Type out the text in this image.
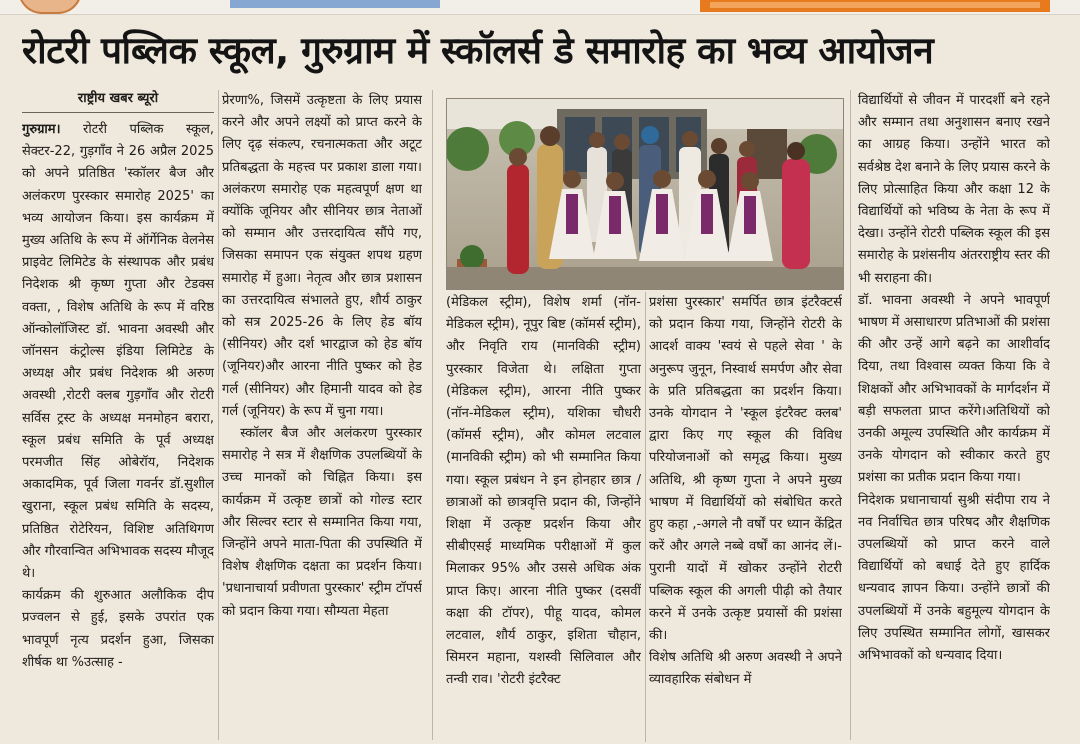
रोटरी पब्लिक स्कूल, गुरुग्राम में स्कॉलर्स डे समारोह का भव्य आयोजन
राष्ट्रीय खबर ब्यूरो

गुरुग्राम। रोटरी पब्लिक स्कूल, सेक्टर-22, गुड़गाँव ने 26 अप्रैल 2025 को अपने प्रतिष्ठित 'स्कॉलर बैज और अलंकरण पुरस्कार समारोह 2025' का भव्य आयोजन किया। इस कार्यक्रम में मुख्य अतिथि के रूप में ऑर्गेनिक वेलनेस प्राइवेट लिमिटेड के संस्थापक और प्रबंध निदेशक श्री कृष्ण गुप्ता और टेडक्स वक्ता, , विशेष अतिथि के रूप में वरिष्ठ ऑन्कोलॉजिस्ट डॉ. भावना अवस्थी और जॉनसन कंट्रोल्स इंडिया लिमिटेड के अध्यक्ष और प्रबंध निदेशक श्री अरुण अवस्थी ,रोटरी क्लब गुड़गाँव और रोटरी सर्विस ट्रस्ट के अध्यक्ष मनमोहन बरारा, स्कूल प्रबंध समिति के पूर्व अध्यक्ष परमजीत सिंह ओबेरॉय, निदेशक अकादमिक, पूर्व जिला गवर्नर डॉ.सुशील खुराना, स्कूल प्रबंध समिति के सदस्य, प्रतिष्ठित रोटेरियन, विशिष्ट अतिथिगण और गौरवान्वित अभिभावक सदस्य मौजूद थे।

कार्यक्रम की शुरुआत अलौकिक दीप प्रज्वलन से हुई, इसके उपरांत एक भावपूर्ण नृत्य प्रदर्शन हुआ, जिसका शीर्षक था %उत्साह -

प्रेरणा%, जिसमें उत्कृष्टता के लिए प्रयास करने और अपने लक्ष्यों को प्राप्त करने के लिए दृढ़ संकल्प, रचनात्मकता और अटूट प्रतिबद्धता के महत्त्व पर प्रकाश डाला गया। अलंकरण समारोह एक महत्वपूर्ण क्षण था क्योंकि जूनियर और सीनियर छात्र नेताओं को सम्मान और उत्तरदायित्व सौंपे गए, जिसका समापन एक संयुक्त शपथ ग्रहण समारोह में हुआ। नेतृत्व और छात्र प्रशासन का उत्तरदायित्व संभालते हुए, शौर्य ठाकुर को सत्र 2025-26 के लिए हेड बॉय (सीनियर) और दर्श भारद्वाज को हेड बॉय (जूनियर)और आरना नीति पुष्कर को हेड गर्ल (सीनियर) और हिमानी यादव को हेड गर्ल (जूनियर) के रूप में चुना गया।

स्कॉलर बैज और अलंकरण पुरस्कार समारोह ने सत्र में शैक्षणिक उपलब्धियों के उच्च मानकों को चिह्नित किया। इस कार्यक्रम में उत्कृष्ट छात्रों को गोल्ड स्टार और सिल्वर स्टार से सम्मानित किया गया, जिन्होंने अपने माता-पिता की उपस्थिति में विशेष शैक्षणिक दक्षता का प्रदर्शन किया। 'प्रधानाचार्या प्रवीणता पुरस्कार' स्ट्रीम टॉपर्स को प्रदान किया गया। सौम्यता मेहता

(मेडिकल स्ट्रीम), विशेष शर्मा (नॉन-मेडिकल स्ट्रीम), नूपुर बिष्ट (कॉमर्स स्ट्रीम), और निवृति राय (मानविकी स्ट्रीम) पुरस्कार विजेता थे। लक्षिता गुप्ता (मेडिकल स्ट्रीम), आरना नीति पुष्कर (नॉन-मेडिकल स्ट्रीम), यशिका चौधरी (कॉमर्स स्ट्रीम), और कोमल लटवाल (मानविकी स्ट्रीम) को भी सम्मानित किया गया। स्कूल प्रबंधन ने इन होनहार छात्र /छात्राओं को छात्रवृत्ति प्रदान की, जिन्होंने शिक्षा में उत्कृष्ट प्रदर्शन किया और सीबीएसई माध्यमिक परीक्षाओं में कुल मिलाकर 95% और उससे अधिक अंक प्राप्त किए। आरना नीति पुष्कर (दसवीं कक्षा की टॉपर), पीहू यादव, कोमल लटवाल, शौर्य ठाकुर, इशिता चौहान, सिमरन महाना, यशस्वी सिलिवाल और तन्वी राव। 'रोटरी इंटरैक्ट

प्रशंसा पुरस्कार' समर्पित छात्र इंटरैक्टर्स को प्रदान किया गया, जिन्होंने रोटरी के आदर्श वाक्य 'स्वयं से पहले सेवा ' के अनुरूप जुनून, निस्वार्थ समर्पण और सेवा के प्रति प्रतिबद्धता का प्रदर्शन किया। उनके योगदान ने 'स्कूल इंटरैक्ट क्लब' द्वारा किए गए स्कूल की विविध परियोजनाओं को समृद्ध किया। मुख्य अतिथि, श्री कृष्ण गुप्ता ने अपने मुख्य भाषण में विद्यार्थियों को संबोधित करते हुए कहा ,-अगले नौ वर्षों पर ध्यान केंद्रित करें और अगले नब्बे वर्षों का आनंद लें।- पुरानी यादों में खोकर उन्होंने रोटरी पब्लिक स्कूल की अगली पीढ़ी को तैयार करने में उनके उत्कृष्ट प्रयासों की प्रशंसा की।

विशेष अतिथि श्री अरुण अवस्थी ने अपने व्यावहारिक संबोधन में

विद्यार्थियों से जीवन में पारदर्शी बने रहने और सम्मान तथा अनुशासन बनाए रखने का आग्रह किया। उन्होंने भारत को सर्वश्रेष्ठ देश बनाने के लिए प्रयास करने के लिए प्रोत्साहित किया और कक्षा 12 के विद्यार्थियों को भविष्य के नेता के रूप में देखा। उन्होंने रोटरी पब्लिक स्कूल की इस समारोह के प्रशंसनीय अंतरराष्ट्रीय स्तर की भी सराहना की।

डॉ. भावना अवस्थी ने अपने भावपूर्ण भाषण में असाधारण प्रतिभाओं की प्रशंसा की और उन्हें आगे बढ़ने का आशीर्वाद दिया, तथा विश्वास व्यक्त किया कि वे शिक्षकों और अभिभावकों के मार्गदर्शन में बड़ी सफलता प्राप्त करेंगे।अतिथियों को उनकी अमूल्य उपस्थिति और कार्यक्रम में उनके योगदान को स्वीकार करते हुए प्रशंसा का प्रतीक प्रदान किया गया।

निदेशक प्रधानाचार्या सुश्री संदीपा राय ने नव निर्वाचित छात्र परिषद और शैक्षणिक उपलब्धियों को प्राप्त करने वाले विद्यार्थियों को बधाई देते हुए हार्दिक धन्यवाद ज्ञापन किया। उन्होंने छात्रों की उपलब्धियों में उनके बहुमूल्य योगदान के लिए उपस्थित सम्मानित लोगों, खासकर अभिभावकों को धन्यवाद दिया।
